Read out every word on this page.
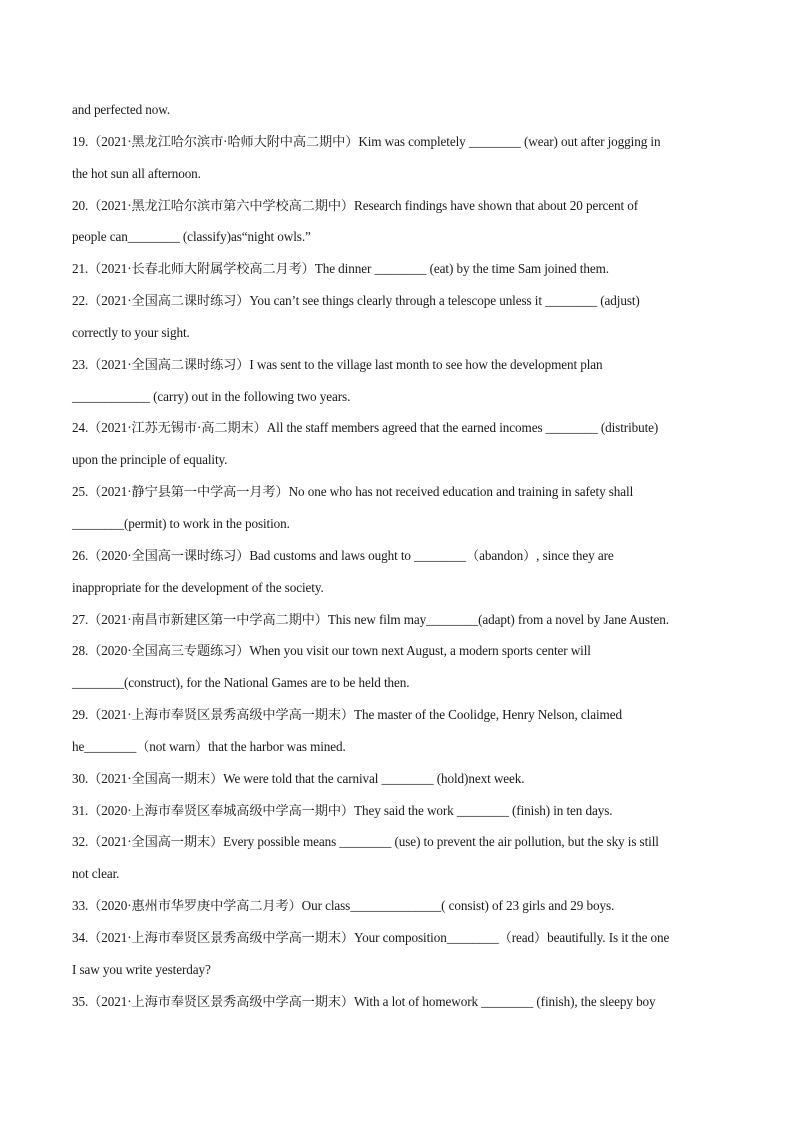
and perfected now.
19.（2021·黑龙江哈尔滨市·哈师大附中高二期中）Kim was completely ________ (wear) out after jogging in
the hot sun all afternoon.
20.（2021·黑龙江哈尔滨市第六中学校高二期中）Research findings have shown that about 20 percent of
people can________ (classify)as“night owls.”
21.（2021·长春北师大附属学校高二月考）The dinner ________ (eat) by the time Sam joined them.
22.（2021·全国高二课时练习）You can’t see things clearly through a telescope unless it ________ (adjust)
correctly to your sight.
23.（2021·全国高二课时练习）I was sent to the village last month to see how the development plan
____________ (carry) out in the following two years.
24.（2021·江苏无锡市·高二期末）All the staff members agreed that the earned incomes ________ (distribute)
upon the principle of equality.
25.（2021·静宁县第一中学高一月考）No one who has not received education and training in safety shall
________(permit) to work in the position.
26.（2020·全国高一课时练习）Bad customs and laws ought to ________（abandon）, since they are
inappropriate for the development of the society.
27.（2021·南昌市新建区第一中学高二期中）This new film may________(adapt) from a novel by Jane Austen.
28.（2020·全国高三专题练习）When you visit our town next August, a modern sports center will
________(construct), for the National Games are to be held then.
29.（2021·上海市奉贤区景秀高级中学高一期末）The master of the Coolidge, Henry Nelson, claimed
he________（not warn）that the harbor was mined.
30.（2021·全国高一期末）We were told that the carnival ________ (hold)next week.
31.（2020·上海市奉贤区奉城高级中学高一期中）They said the work ________ (finish) in ten days.
32.（2021·全国高一期末）Every possible means ________ (use) to prevent the air pollution, but the sky is still
not clear.
33.（2020·惠州市华罗庚中学高二月考）Our class______________( consist) of 23 girls and 29 boys.
34.（2021·上海市奉贤区景秀高级中学高一期末）Your composition________（read）beautifully. Is it the one
I saw you write yesterday?
35.（2021·上海市奉贤区景秀高级中学高一期末）With a lot of homework ________ (finish), the sleepy boy
